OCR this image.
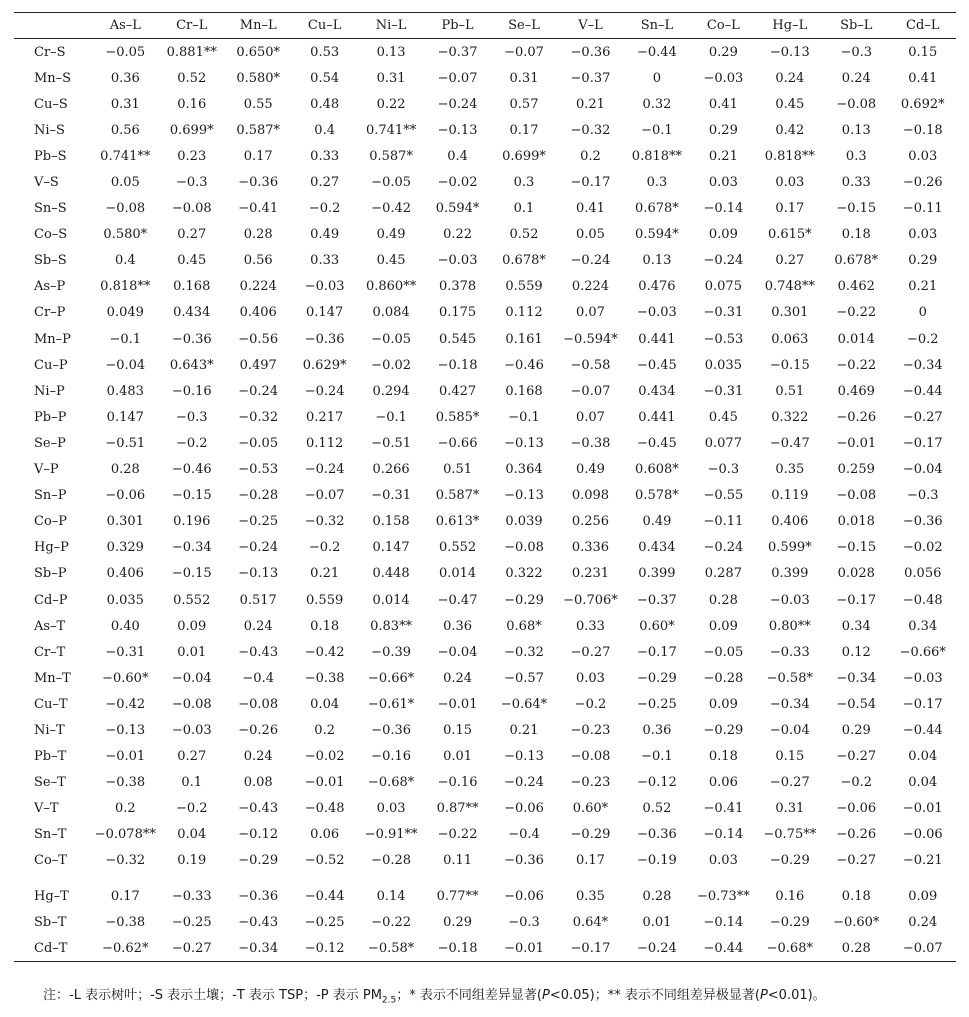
	As–L	Cr–L	Mn–L	Cu–L	Ni–L	Pb–L	Se–L	V–L	Sn–L	Co–L	Hg–L	Sb–L	Cd–L
Cr–S	−0.05	0.881**	0.650*	0.53	0.13	−0.37	−0.07	−0.36	−0.44	0.29	−0.13	−0.3	0.15
Mn–S	0.36	0.52	0.580*	0.54	0.31	−0.07	0.31	−0.37	0	−0.03	0.24	0.24	0.41
Cu–S	0.31	0.16	0.55	0.48	0.22	−0.24	0.57	0.21	0.32	0.41	0.45	−0.08	0.692*
Ni–S	0.56	0.699*	0.587*	0.4	0.741**	−0.13	0.17	−0.32	−0.1	0.29	0.42	0.13	−0.18
Pb–S	0.741**	0.23	0.17	0.33	0.587*	0.4	0.699*	0.2	0.818**	0.21	0.818**	0.3	0.03
V–S	0.05	−0.3	−0.36	0.27	−0.05	−0.02	0.3	−0.17	0.3	0.03	0.03	0.33	−0.26
Sn–S	−0.08	−0.08	−0.41	−0.2	−0.42	0.594*	0.1	0.41	0.678*	−0.14	0.17	−0.15	−0.11
Co–S	0.580*	0.27	0.28	0.49	0.49	0.22	0.52	0.05	0.594*	0.09	0.615*	0.18	0.03
Sb–S	0.4	0.45	0.56	0.33	0.45	−0.03	0.678*	−0.24	0.13	−0.24	0.27	0.678*	0.29
As–P	0.818**	0.168	0.224	−0.03	0.860**	0.378	0.559	0.224	0.476	0.075	0.748**	0.462	0.21
Cr–P	0.049	0.434	0.406	0.147	0.084	0.175	0.112	0.07	−0.03	−0.31	0.301	−0.22	0
Mn–P	−0.1	−0.36	−0.56	−0.36	−0.05	0.545	0.161	−0.594*	0.441	−0.53	0.063	0.014	−0.2
Cu–P	−0.04	0.643*	0.497	0.629*	−0.02	−0.18	−0.46	−0.58	−0.45	0.035	−0.15	−0.22	−0.34
Ni–P	0.483	−0.16	−0.24	−0.24	0.294	0.427	0.168	−0.07	0.434	−0.31	0.51	0.469	−0.44
Pb–P	0.147	−0.3	−0.32	0.217	−0.1	0.585*	−0.1	0.07	0.441	0.45	0.322	−0.26	−0.27
Se–P	−0.51	−0.2	−0.05	0.112	−0.51	−0.66	−0.13	−0.38	−0.45	0.077	−0.47	−0.01	−0.17
V–P	0.28	−0.46	−0.53	−0.24	0.266	0.51	0.364	0.49	0.608*	−0.3	0.35	0.259	−0.04
Sn–P	−0.06	−0.15	−0.28	−0.07	−0.31	0.587*	−0.13	0.098	0.578*	−0.55	0.119	−0.08	−0.3
Co–P	0.301	0.196	−0.25	−0.32	0.158	0.613*	0.039	0.256	0.49	−0.11	0.406	0.018	−0.36
Hg–P	0.329	−0.34	−0.24	−0.2	0.147	0.552	−0.08	0.336	0.434	−0.24	0.599*	−0.15	−0.02
Sb–P	0.406	−0.15	−0.13	0.21	0.448	0.014	0.322	0.231	0.399	0.287	0.399	0.028	0.056
Cd–P	0.035	0.552	0.517	0.559	0.014	−0.47	−0.29	−0.706*	−0.37	0.28	−0.03	−0.17	−0.48
As–T	0.40	0.09	0.24	0.18	0.83**	0.36	0.68*	0.33	0.60*	0.09	0.80**	0.34	0.34
Cr–T	−0.31	0.01	−0.43	−0.42	−0.39	−0.04	−0.32	−0.27	−0.17	−0.05	−0.33	0.12	−0.66*
Mn–T	−0.60*	−0.04	−0.4	−0.38	−0.66*	0.24	−0.57	0.03	−0.29	−0.28	−0.58*	−0.34	−0.03
Cu–T	−0.42	−0.08	−0.08	0.04	−0.61*	−0.01	−0.64*	−0.2	−0.25	0.09	−0.34	−0.54	−0.17
Ni–T	−0.13	−0.03	−0.26	0.2	−0.36	0.15	0.21	−0.23	0.36	−0.29	−0.04	0.29	−0.44
Pb–T	−0.01	0.27	0.24	−0.02	−0.16	0.01	−0.13	−0.08	−0.1	0.18	0.15	−0.27	0.04
Se–T	−0.38	0.1	0.08	−0.01	−0.68*	−0.16	−0.24	−0.23	−0.12	0.06	−0.27	−0.2	0.04
V–T	0.2	−0.2	−0.43	−0.48	0.03	0.87**	−0.06	0.60*	0.52	−0.41	0.31	−0.06	−0.01
Sn–T	−0.078**	0.04	−0.12	0.06	−0.91**	−0.22	−0.4	−0.29	−0.36	−0.14	−0.75**	−0.26	−0.06
Co–T	−0.32	0.19	−0.29	−0.52	−0.28	0.11	−0.36	0.17	−0.19	0.03	−0.29	−0.27	−0.21
Hg–T	0.17	−0.33	−0.36	−0.44	0.14	0.77**	−0.06	0.35	0.28	−0.73**	0.16	0.18	0.09
Sb–T	−0.38	−0.25	−0.43	−0.25	−0.22	0.29	−0.3	0.64*	0.01	−0.14	−0.29	−0.60*	0.24
Cd–T	−0.62*	−0.27	−0.34	−0.12	−0.58*	−0.18	−0.01	−0.17	−0.24	−0.44	−0.68*	0.28	−0.07
注：-L 表示树叶；-S 表示土壤；-T 表示 TSP；-P 表示 $PM_{2.5}$；* 表示不同组差异显著(P<0.05)；** 表示不同组差异极显著(P<0.01)。
